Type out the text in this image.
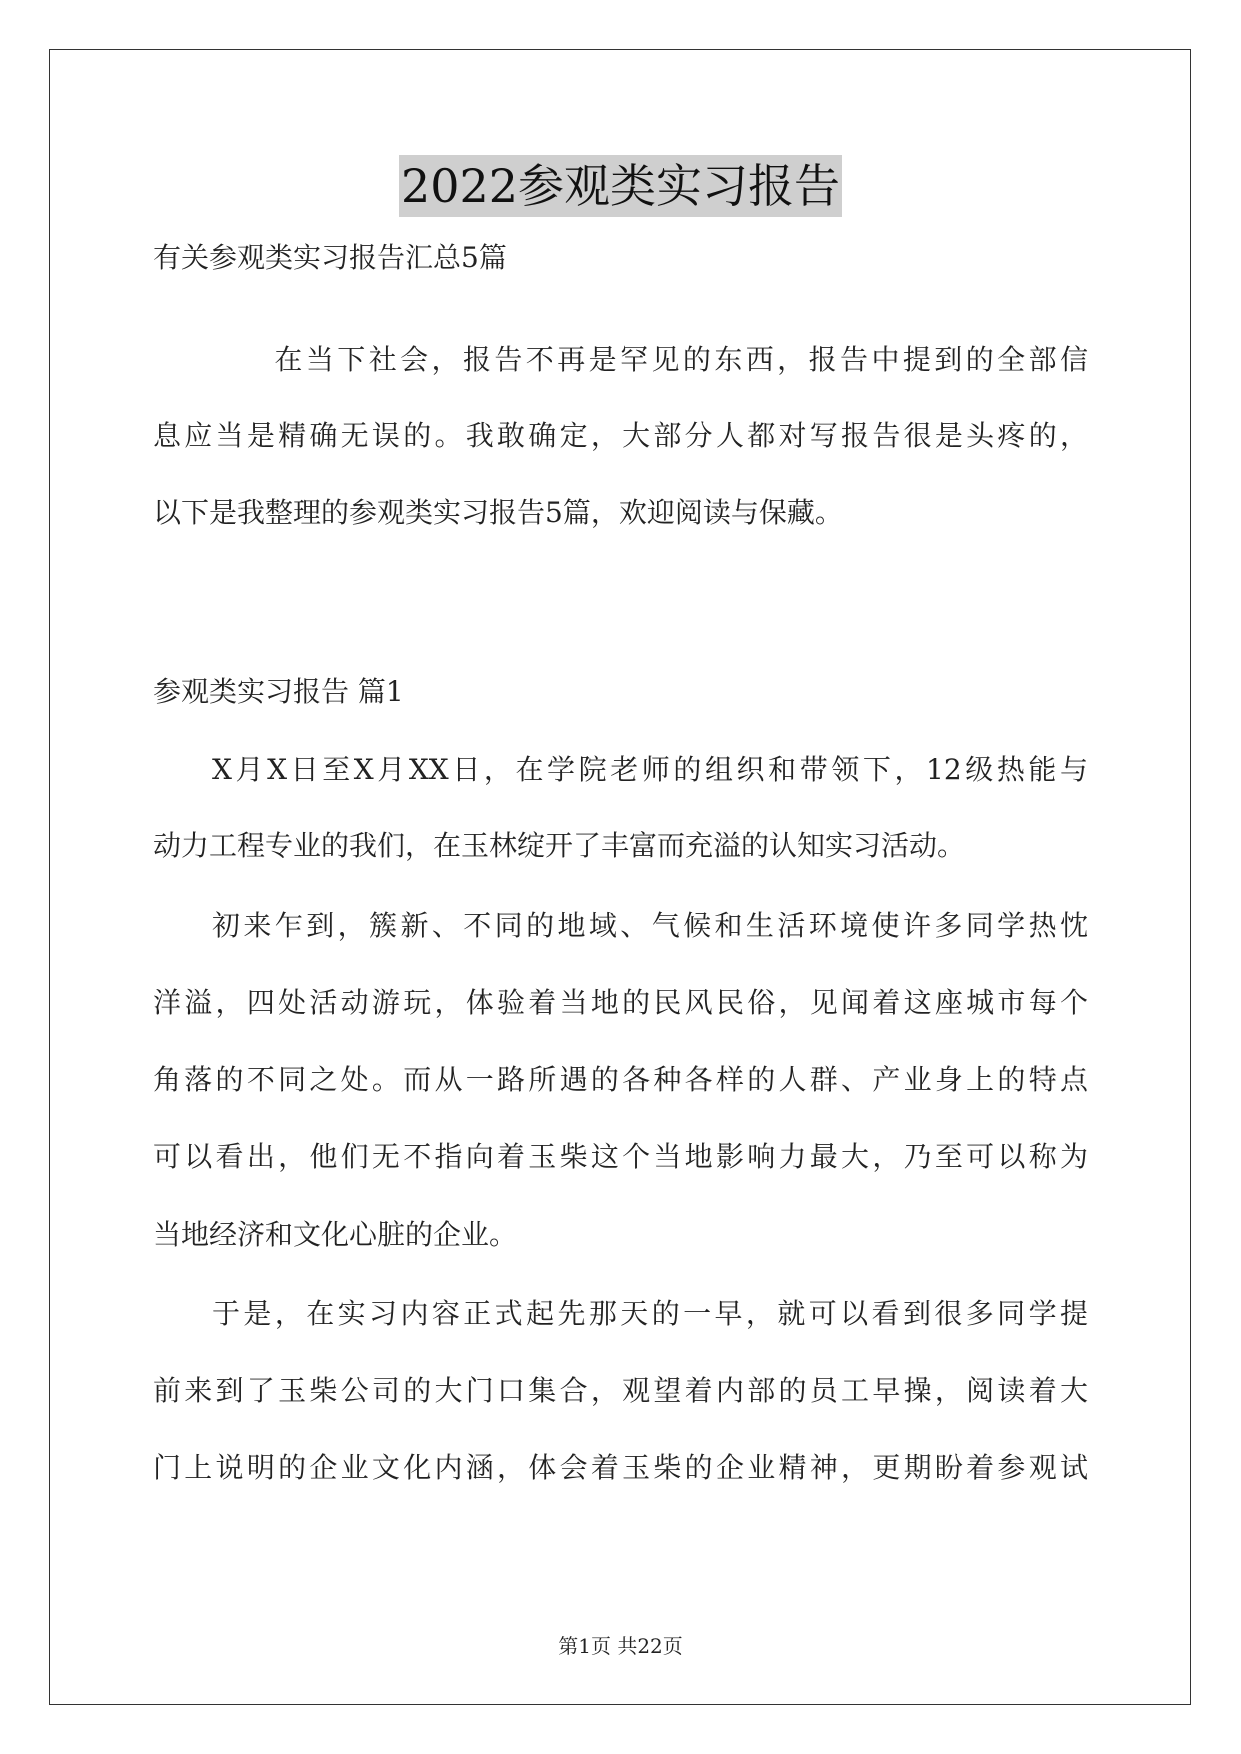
2022参观类实习报告
有关参观类实习报告汇总5篇
在当下社会，报告不再是罕见的东西，报告中提到的全部信
息应当是精确无误的。我敢确定，大部分人都对写报告很是头疼的，
以下是我整理的参观类实习报告5篇，欢迎阅读与保藏。
参观类实习报告 篇1
X月X日至X月XX日，在学院老师的组织和带领下，12级热能与
动力工程专业的我们，在玉林绽开了丰富而充溢的认知实习活动。
初来乍到，簇新、不同的地域、气候和生活环境使许多同学热忱
洋溢，四处活动游玩，体验着当地的民风民俗，见闻着这座城市每个
角落的不同之处。而从一路所遇的各种各样的人群、产业身上的特点
可以看出，他们无不指向着玉柴这个当地影响力最大，乃至可以称为
当地经济和文化心脏的企业。
于是，在实习内容正式起先那天的一早，就可以看到很多同学提
前来到了玉柴公司的大门口集合，观望着内部的员工早操，阅读着大
门上说明的企业文化内涵，体会着玉柴的企业精神，更期盼着参观试
第1页 共22页
